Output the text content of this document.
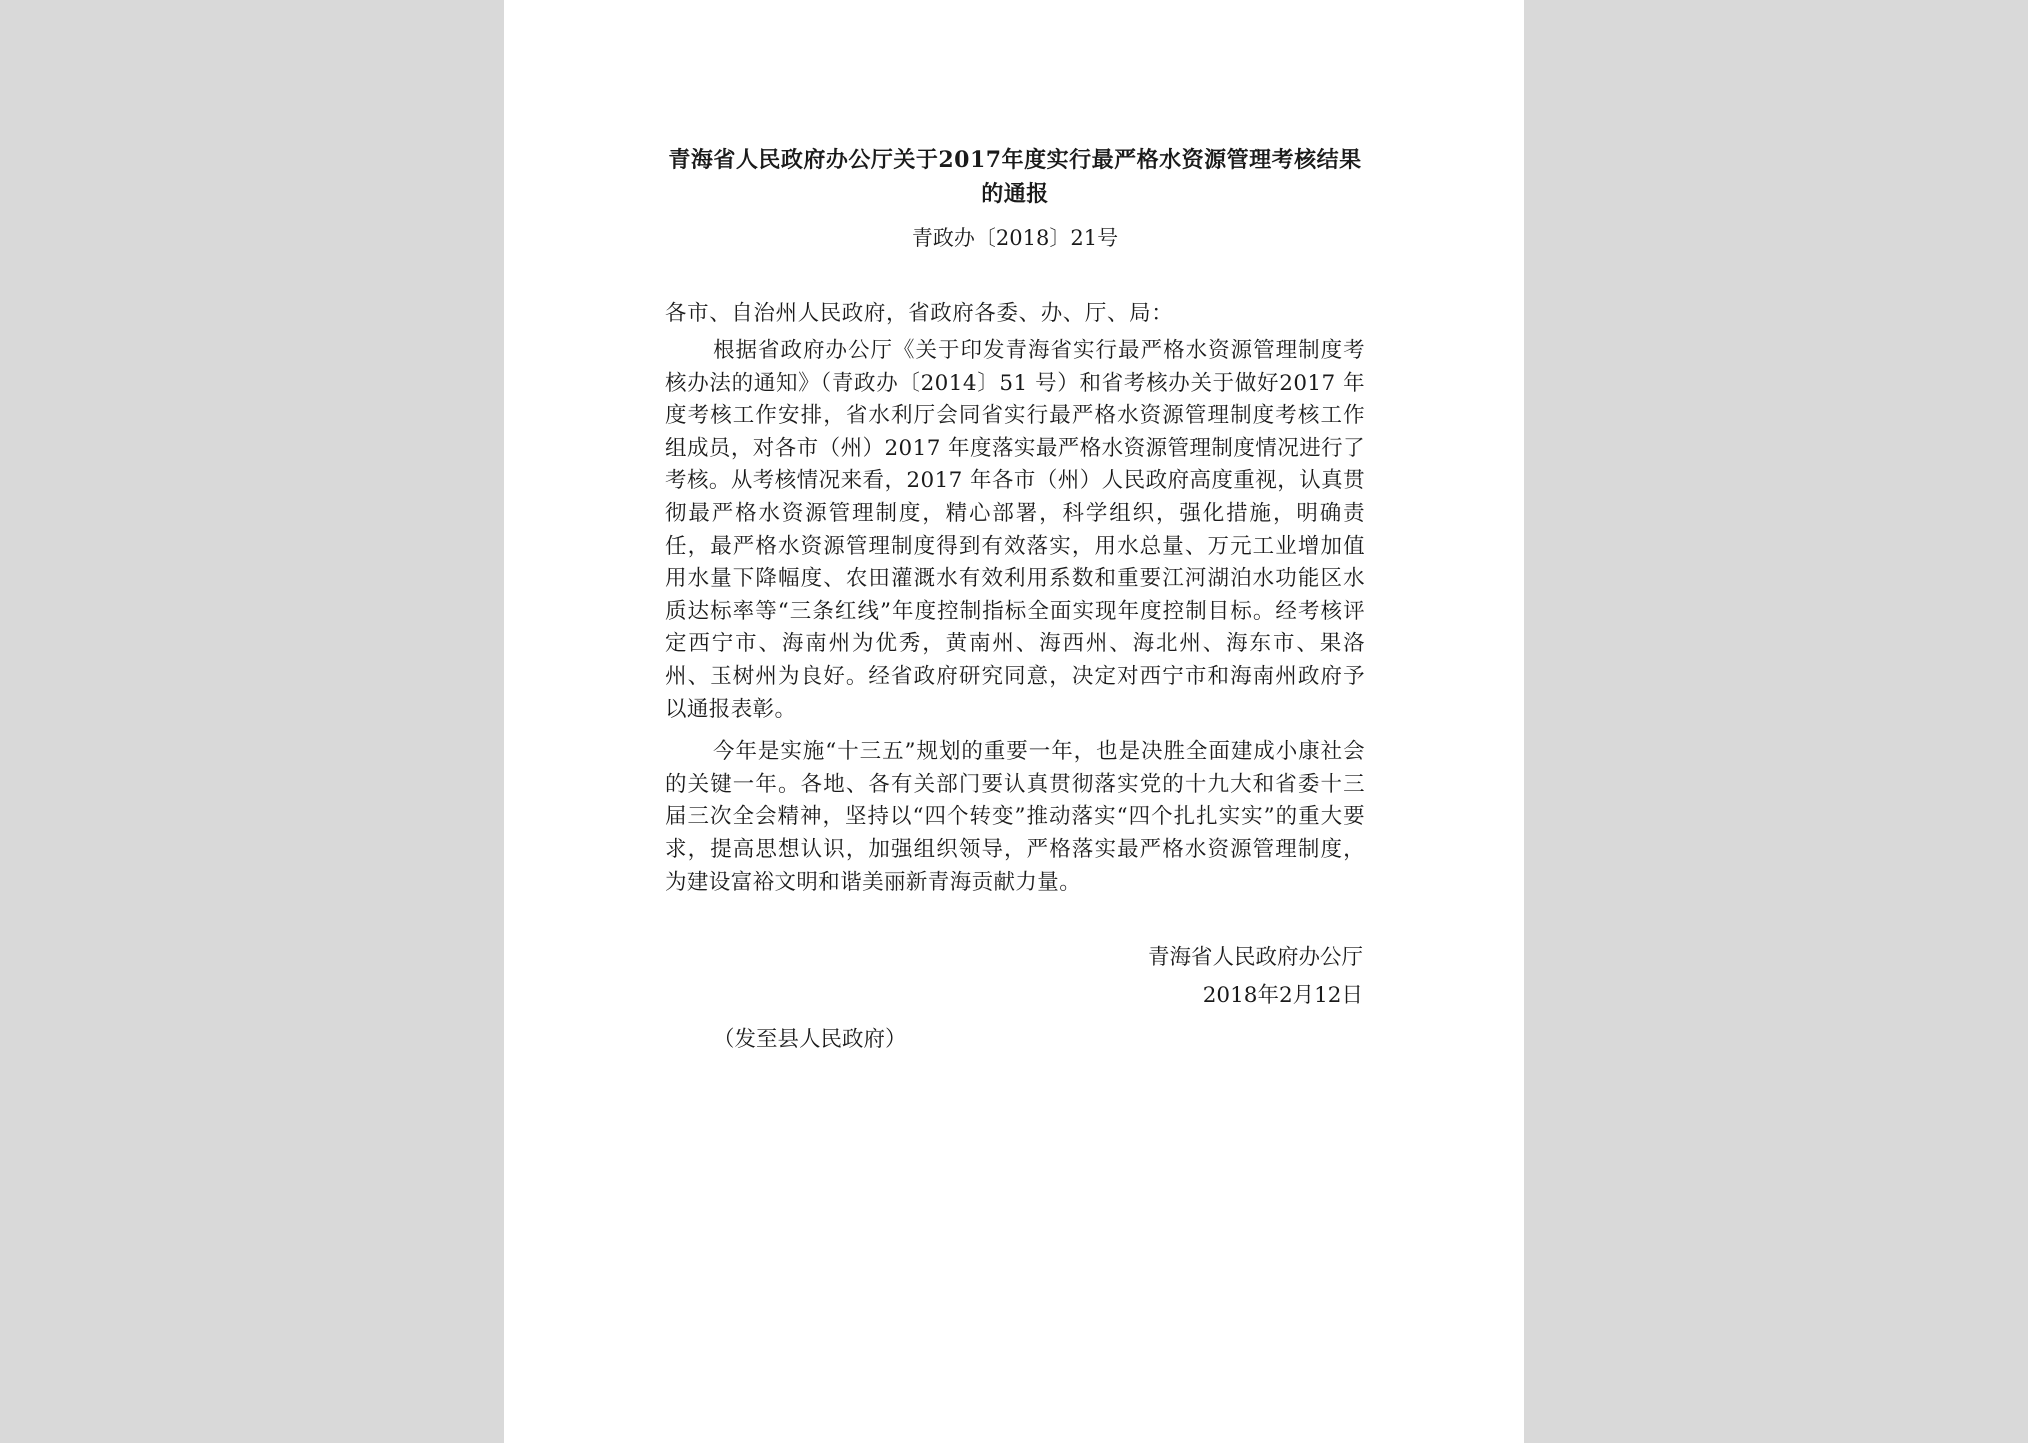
青海省人民政府办公厅关于2017年度实行最严格水资源管理考核结果的通报
青政办〔2018〕21号
各市、自治州人民政府，省政府各委、办、厅、局：

根据省政府办公厅《关于印发青海省实行最严格水资源管理制度考核办法的通知》（青政办〔2014〕51 号）和省考核办关于做好2017 年度考核工作安排，省水利厅会同省实行最严格水资源管理制度考核工作组成员，对各市（州）2017 年度落实最严格水资源管理制度情况进行了考核。从考核情况来看，2017 年各市（州）人民政府高度重视，认真贯彻最严格水资源管理制度，精心部署，科学组织，强化措施，明确责任，最严格水资源管理制度得到有效落实，用水总量、万元工业增加值用水量下降幅度、农田灌溉水有效利用系数和重要江河湖泊水功能区水质达标率等“三条红线”年度控制指标全面实现年度控制目标。经考核评定西宁市、海南州为优秀，黄南州、海西州、海北州、海东市、果洛州、玉树州为良好。经省政府研究同意，决定对西宁市和海南州政府予以通报表彰。

今年是实施“十三五”规划的重要一年，也是决胜全面建成小康社会的关键一年。各地、各有关部门要认真贯彻落实党的十九大和省委十三届三次全会精神，坚持以“四个转变”推动落实“四个扎扎实实”的重大要求，提高思想认识，加强组织领导，严格落实最严格水资源管理制度，为建设富裕文明和谐美丽新青海贡献力量。

青海省人民政府办公厅
2018年2月12日
（发至县人民政府）
